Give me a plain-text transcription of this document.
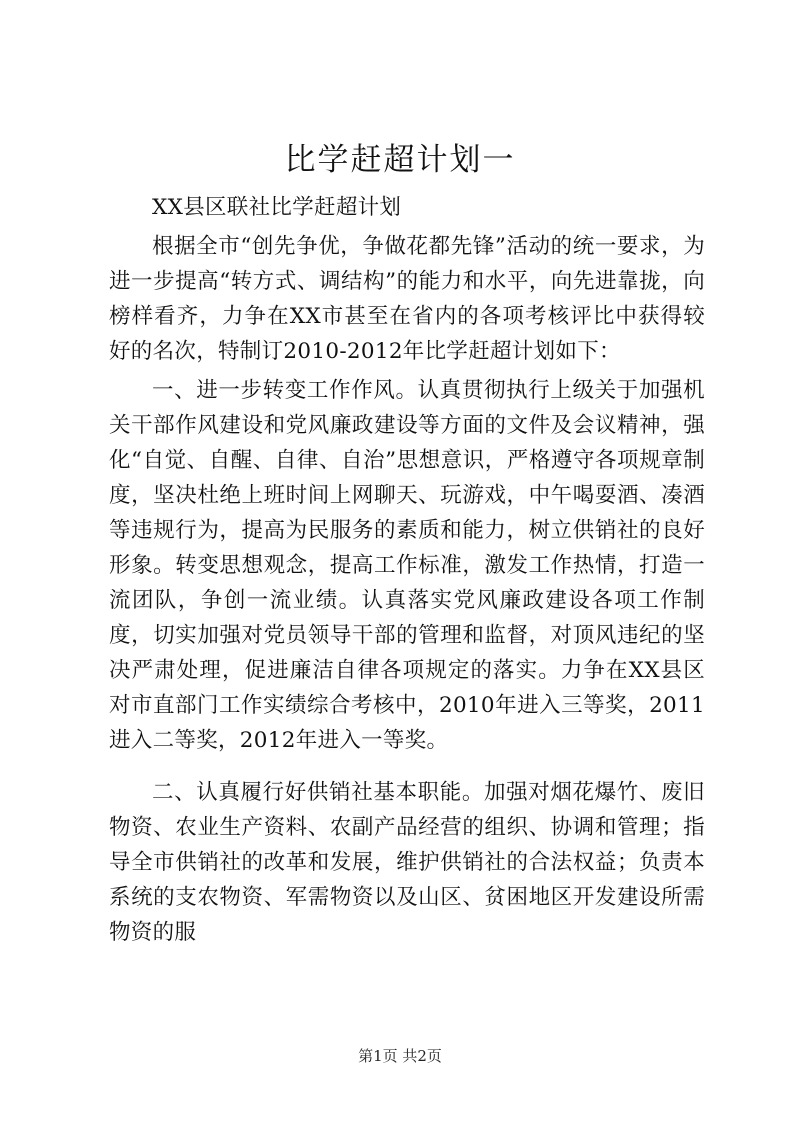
比学赶超计划一

XX县区联社比学赶超计划

根据全市“创先争优，争做花都先锋”活动的统一要求，为进一步提高“转方式、调结构”的能力和水平，向先进靠拢，向榜样看齐，力争在XX市甚至在省内的各项考核评比中获得较好的名次，特制订2010-2012年比学赶超计划如下：

一、进一步转变工作作风。认真贯彻执行上级关于加强机关干部作风建设和党风廉政建设等方面的文件及会议精神，强化“自觉、自醒、自律、自治”思想意识，严格遵守各项规章制度，坚决杜绝上班时间上网聊天、玩游戏，中午喝耍酒、凑酒等违规行为，提高为民服务的素质和能力，树立供销社的良好形象。转变思想观念，提高工作标准，激发工作热情，打造一流团队，争创一流业绩。认真落实党风廉政建设各项工作制度，切实加强对党员领导干部的管理和监督，对顶风违纪的坚决严肃处理，促进廉洁自律各项规定的落实。力争在XX县区对市直部门工作实绩综合考核中，2010年进入三等奖，2011进入二等奖，2012年进入一等奖。

二、认真履行好供销社基本职能。加强对烟花爆竹、废旧物资、农业生产资料、农副产品经营的组织、协调和管理；指导全市供销社的改革和发展，维护供销社的合法权益；负责本系统的支农物资、军需物资以及山区、贫困地区开发建设所需物资的服

第1页 共2页
